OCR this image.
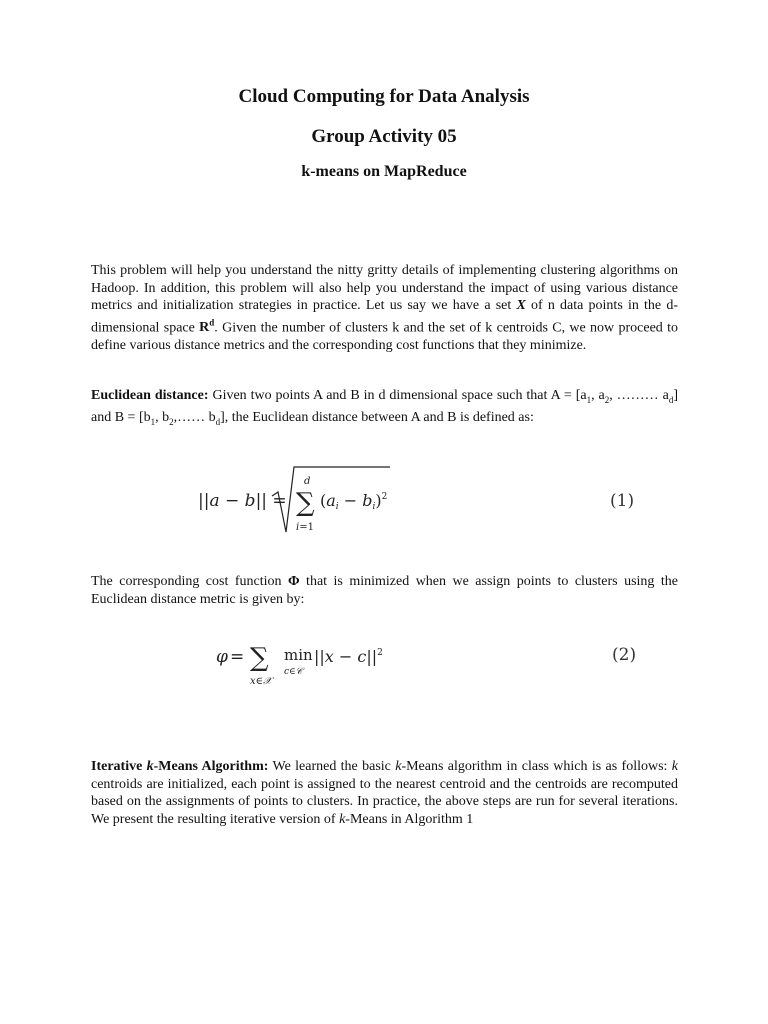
Cloud Computing for Data Analysis
Group Activity 05
k-means on MapReduce
This problem will help you understand the nitty gritty details of implementing clustering algorithms on Hadoop. In addition, this problem will also help you understand the impact of using various distance metrics and initialization strategies in practice. Let us say we have a set X of n data points in the d-dimensional space $R^d$. Given the number of clusters k and the set of k centroids C, we now proceed to define various distance metrics and the corresponding cost functions that they minimize.
Euclidean distance: Given two points A and B in d dimensional space such that $A = [a_1$, $a_2$, ……… $a_d$] and $B = [b_1$, $b_2,\dots\dots$ $b_d$], the Euclidean distance between A and B is defined as:
||a − b|| =
d
∑
i=1
(ai − bi)$^2$	(1)
The corresponding cost function Φ that is minimized when we assign points to clusters using the Euclidean distance metric is given by:
φ = ∑
x∈𝒳
min
c∈𝒞
$||x - c||^2$	(2)
Iterative k-Means Algorithm: We learned the basic k-Means algorithm in class which is as follows: k centroids are initialized, each point is assigned to the nearest centroid and the centroids are recomputed based on the assignments of points to clusters. In practice, the above steps are run for several iterations. We present the resulting iterative version of k-Means in Algorithm 1
